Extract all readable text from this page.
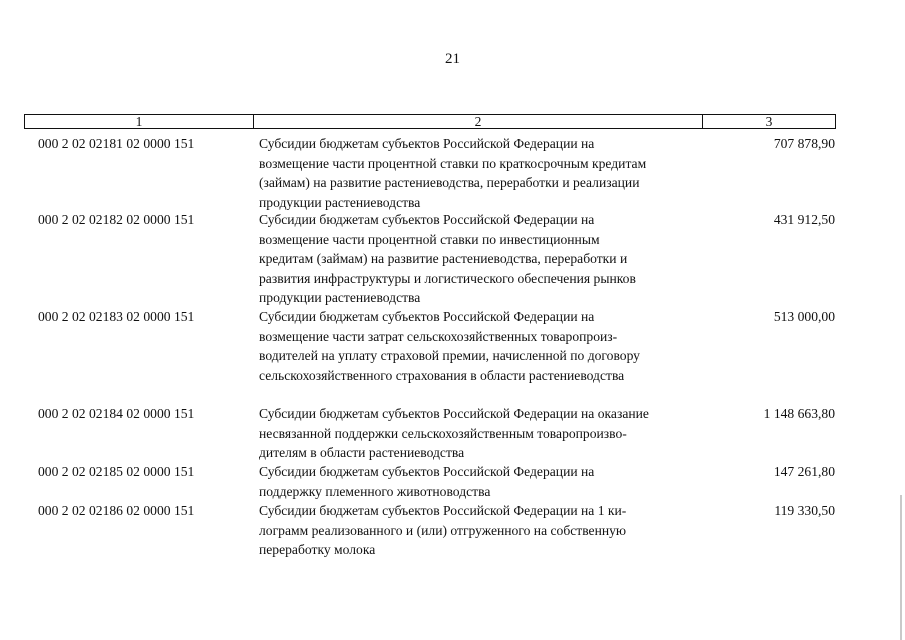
21
1	2	3
000 2 02 02181 02 0000 151	Субсидии бюджетам субъектов Российской Федерации на
возмещение части процентной ставки по краткосрочным кредитам
(займам) на развитие растениеводства, переработки и реализации
продукции растениеводства
707 878,90
000 2 02 02182 02 0000 151	Субсидии бюджетам субъектов Российской Федерации на
возмещение части процентной ставки по инвестиционным
кредитам (займам) на развитие растениеводства, переработки и
развития инфраструктуры и логистического обеспечения рынков
продукции растениеводства
431 912,50
000 2 02 02183 02 0000 151	Субсидии бюджетам субъектов Российской Федерации на
возмещение части затрат сельскохозяйственных товаропроиз-
водителей на уплату страховой премии, начисленной по договору
сельскохозяйственного страхования в области растениеводства
513 000,00
000 2 02 02184 02 0000 151	Субсидии бюджетам субъектов Российской Федерации на оказание
несвязанной поддержки сельскохозяйственным товаропроизво-
дителям в области растениеводства
1 148 663,80
000 2 02 02185 02 0000 151	Субсидии бюджетам субъектов Российской Федерации на
поддержку племенного животноводства
147 261,80
000 2 02 02186 02 0000 151	Субсидии бюджетам субъектов Российской Федерации на 1 ки-
лограмм реализованного и (или) отгруженного на собственную
переработку молока
119 330,50
